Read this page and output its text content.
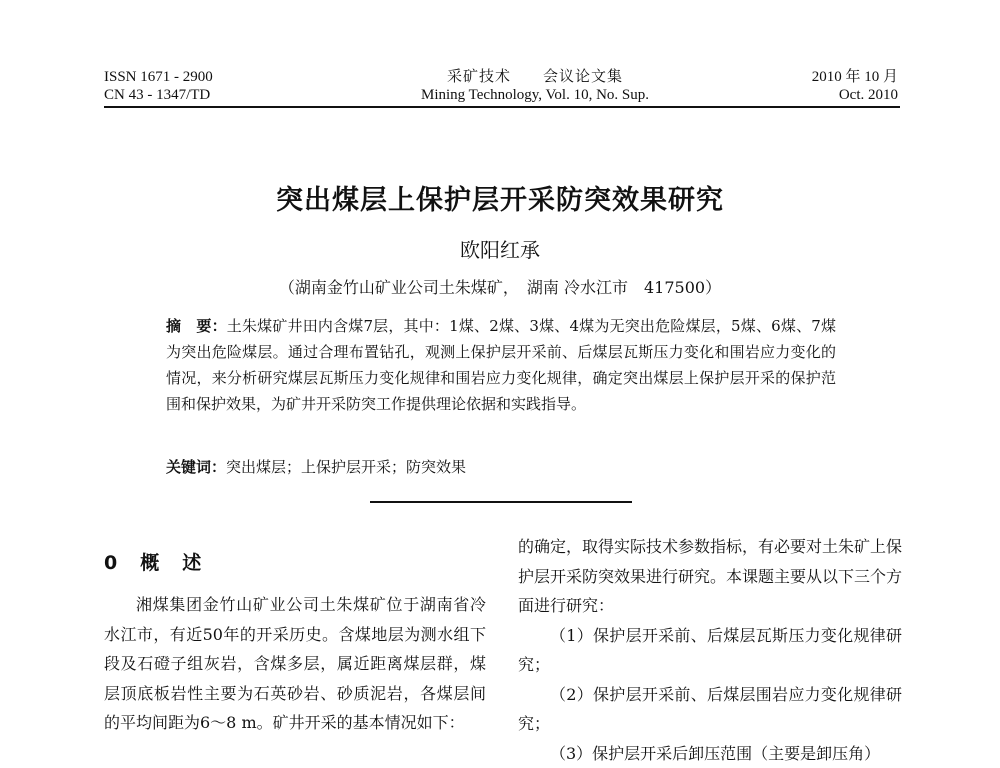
ISSN 1671 - 2900
CN 43 - 1347/TD
采矿技术　　会议论文集
Mining Technology, Vol. 10, No. Sup.
2010 年 10 月
Oct. 2010
突出煤层上保护层开采防突效果研究
欧阳红承
（湖南金竹山矿业公司土朱煤矿，　湖南 冷水江市　417500）
摘　要：土朱煤矿井田内含煤7层，其中：1煤、2煤、3煤、4煤为无突出危险煤层，5煤、6煤、7煤为突出危险煤层。通过合理布置钻孔，观测上保护层开采前、后煤层瓦斯压力变化和围岩应力变化的情况，来分析研究煤层瓦斯压力变化规律和围岩应力变化规律，确定突出煤层上保护层开采的保护范围和保护效果，为矿井开采防突工作提供理论依据和实践指导。
关键词：突出煤层；上保护层开采；防突效果
0　概　述

湘煤集团金竹山矿业公司土朱煤矿位于湖南省冷水江市，有近50年的开采历史。含煤地层为测水组下段及石磴子组灰岩，含煤多层，属近距离煤层群，煤层顶底板岩性主要为石英砂岩、砂质泥岩，各煤层间的平均间距为6～8 m。矿井开采的基本情况如下：

的确定，取得实际技术参数指标，有必要对土朱矿上保护层开采防突效果进行研究。本课题主要从以下三个方面进行研究：

（1）保护层开采前、后煤层瓦斯压力变化规律研究；

（2）保护层开采前、后煤层围岩应力变化规律研究；

（3）保护层开采后卸压范围（主要是卸压角）
